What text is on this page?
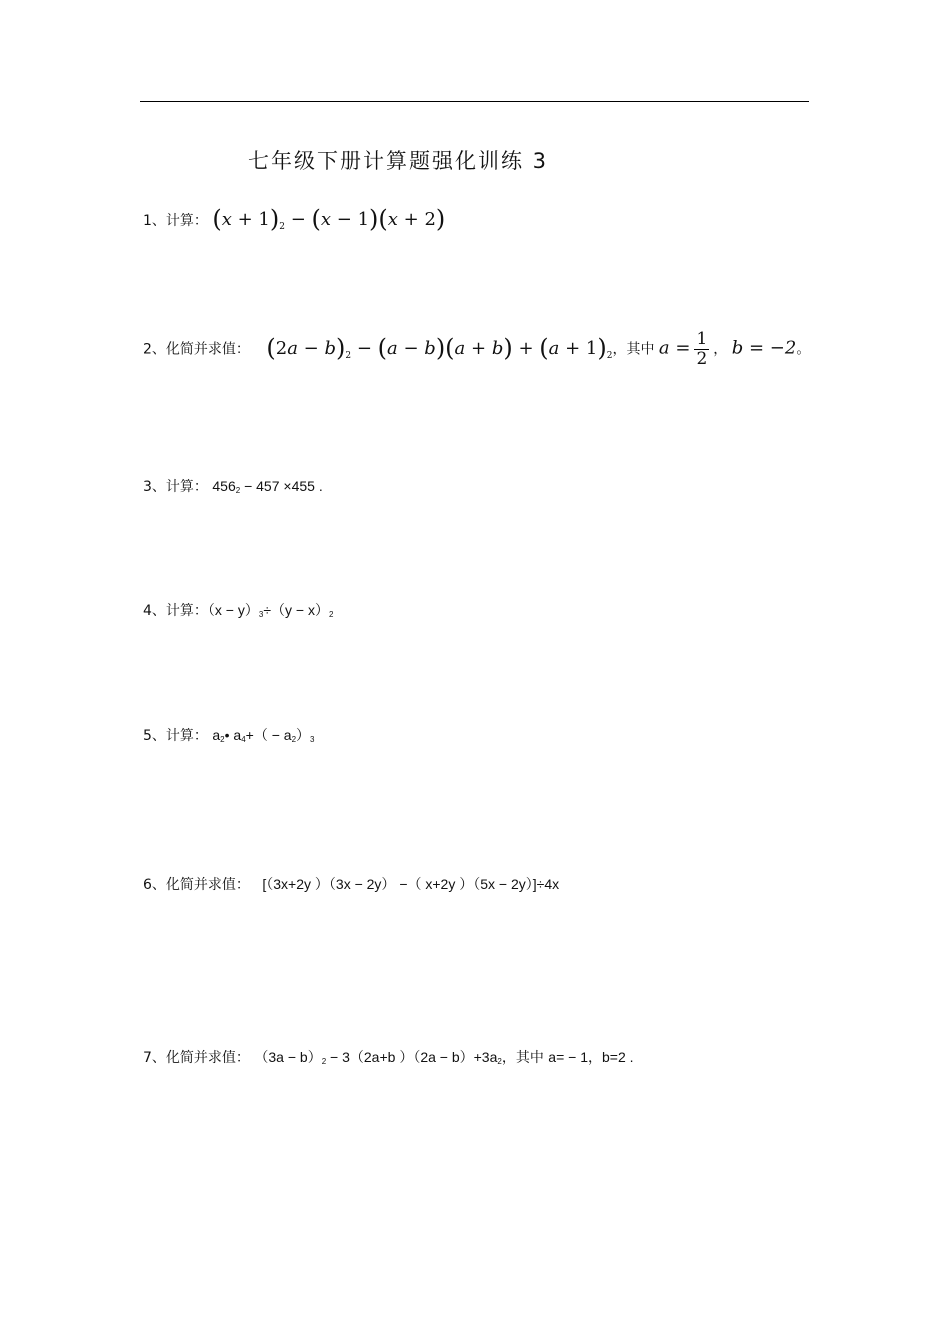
七年级下册计算题强化训练 3
1、计算： $(x + 1)_2 - (x - 1)(x + 2)$
2、化简并求值： $(2a - b)_2 - (a - b)(a + b) + (a + 1)_2$，其中 $a = \frac{1}{2}$ ， b = −2。
3、计算： 4562 − 457 ×455 .
4、计算：（x − y）3÷（y − x）2
5、计算： a2• a4+（ − a2）3
6、化简并求值： [（3x+2y ）（3x − 2y） −（ x+2y ）（5x − 2y）]÷4x
7、化简并求值： （3a − b）2 − 3（2a+b ）（2a − b）+3a2，其中 a= − 1，b=2 .
